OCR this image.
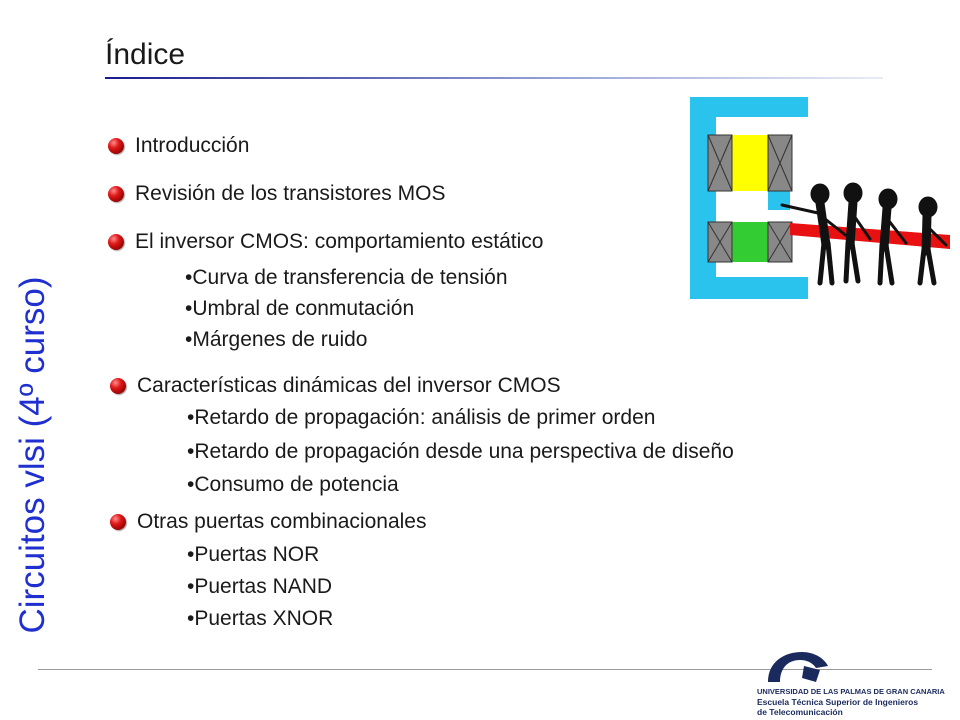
Circuitos vlsi (4º curso)
Índice
Introducción
Revisión de los transistores MOS
El inversor CMOS: comportamiento estático
• Curva de transferencia de tensión
• Umbral de conmutación
• Márgenes de ruido
Características dinámicas del inversor CMOS
• Retardo de propagación: análisis de primer orden
• Retardo de propagación desde una perspectiva de diseño
• Consumo de potencia
Otras puertas combinacionales
• Puertas NOR
• Puertas NAND
• Puertas XNOR
UNIVERSIDAD DE LAS PALMAS DE GRAN CANARIA
Escuela Técnica Superior de Ingenieros
de Telecomunicación
